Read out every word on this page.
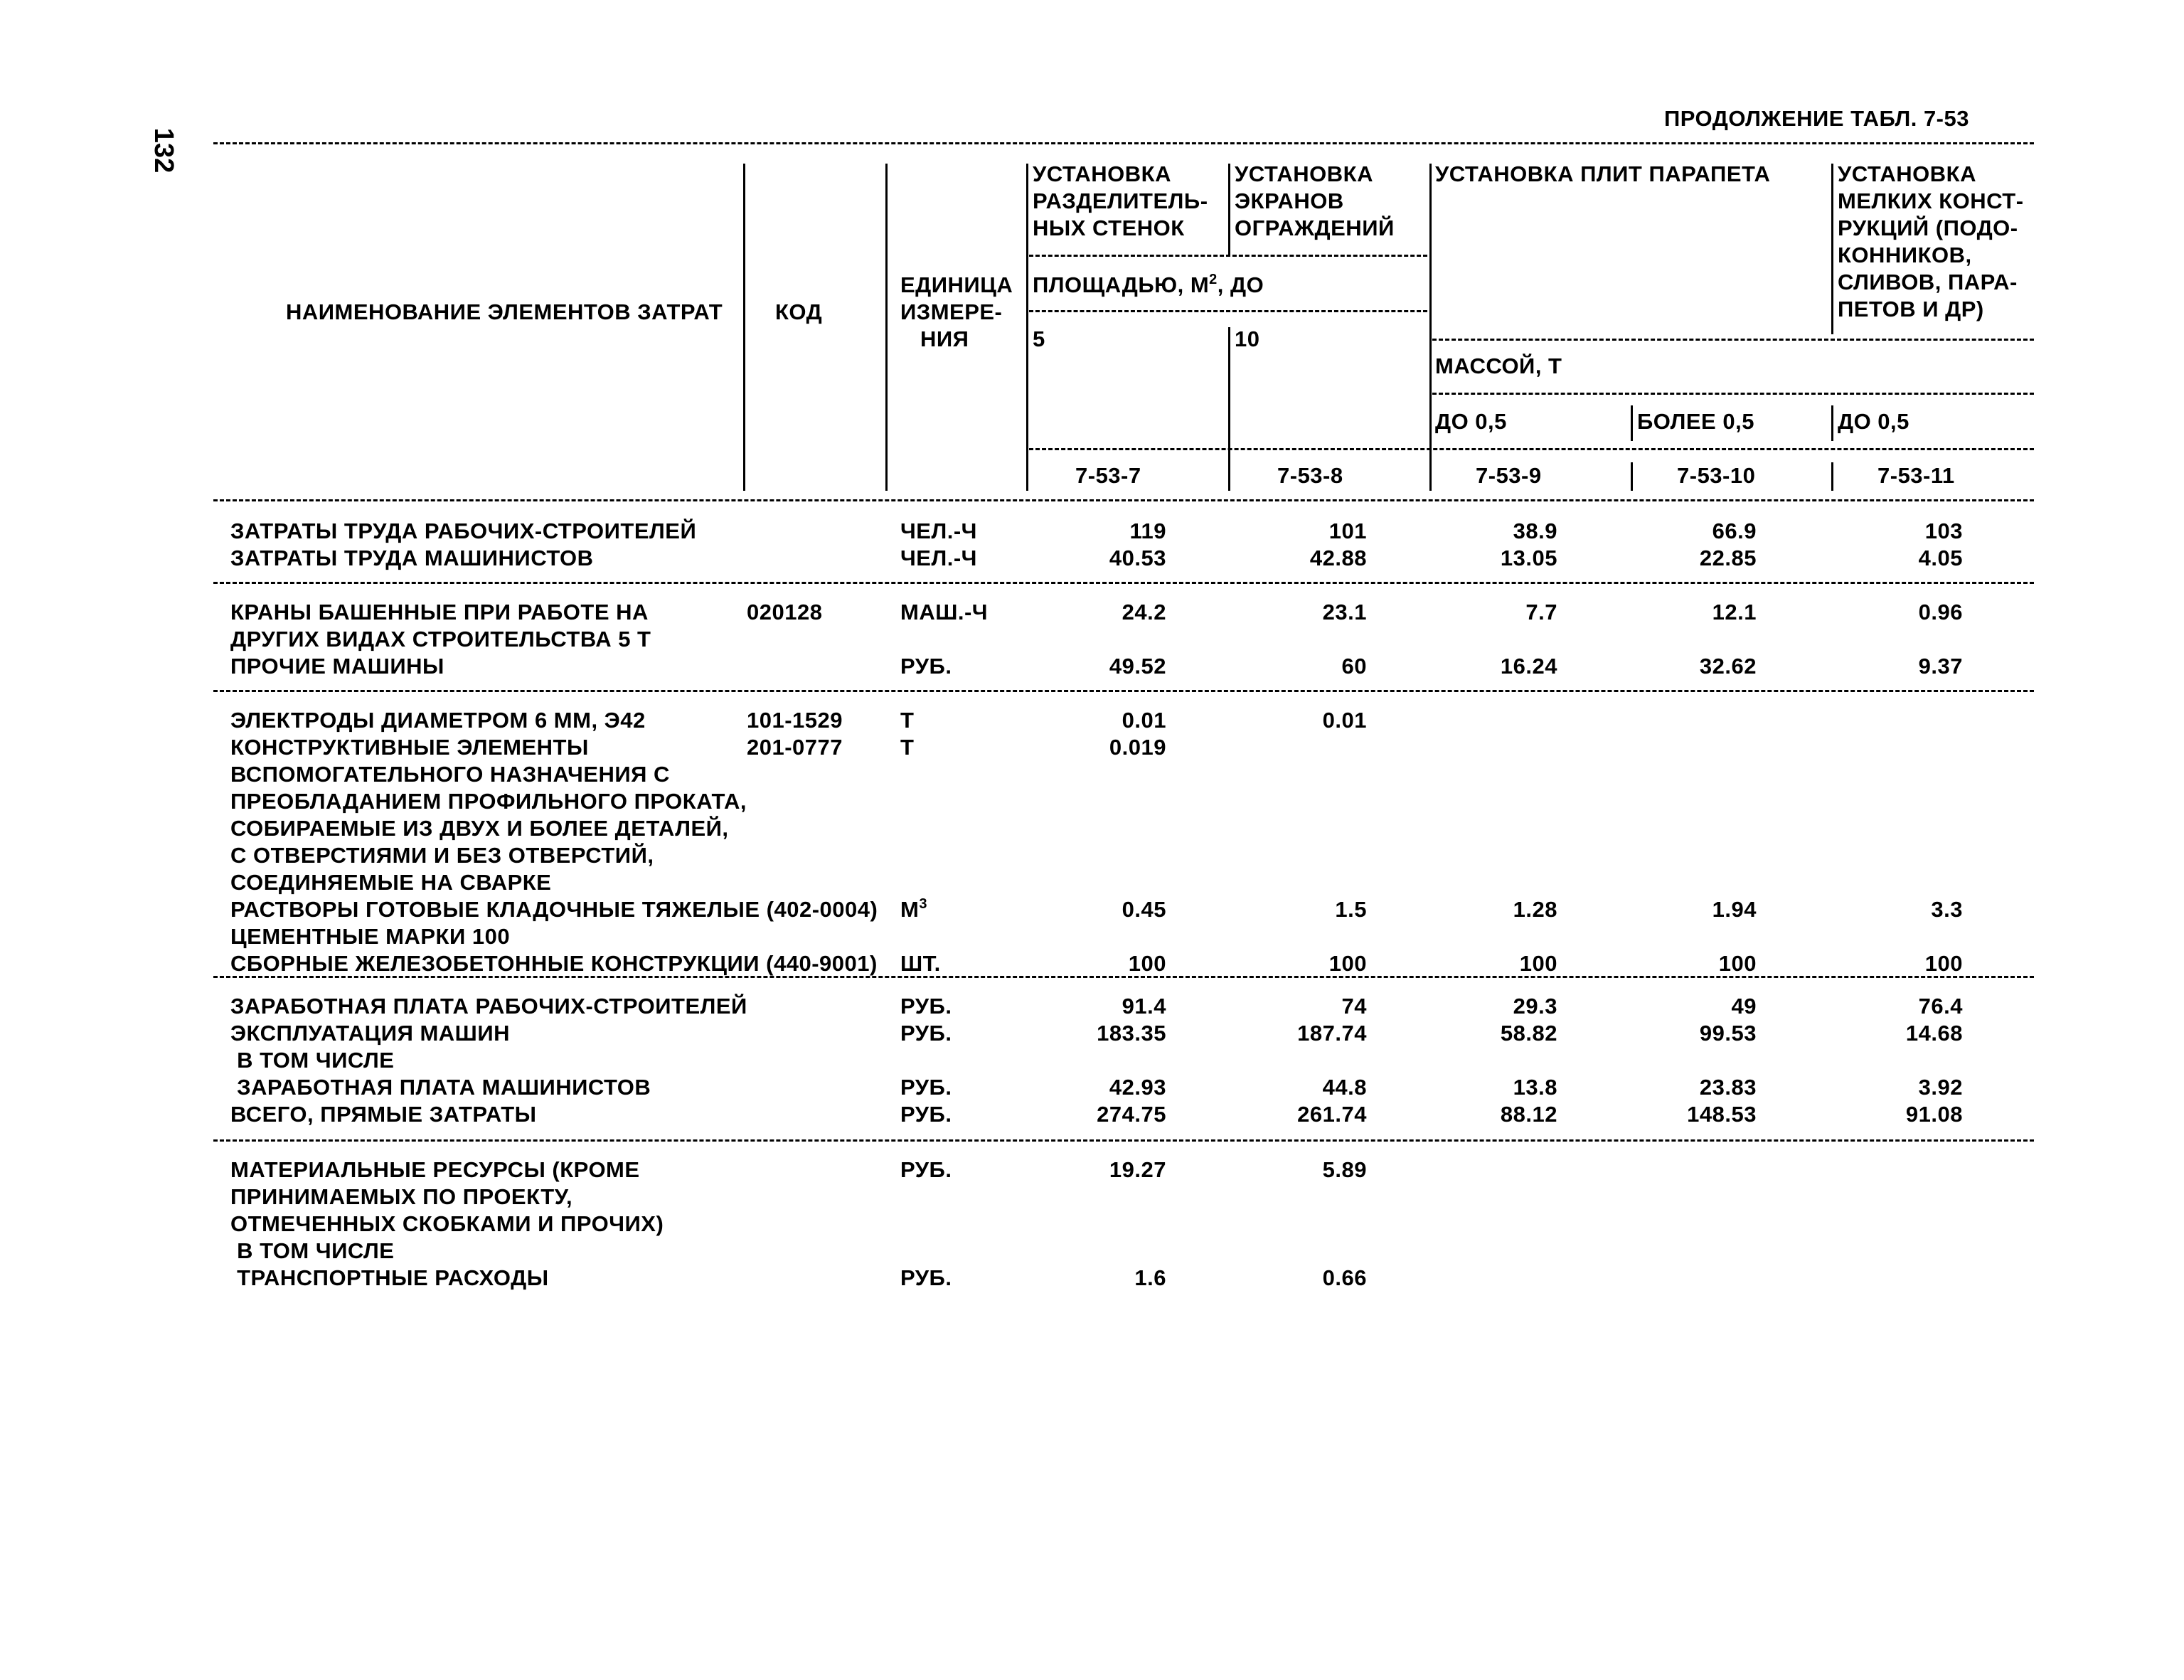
132
ПРОДОЛЖЕНИЕ ТАБЛ. 7-53
НАИМЕНОВАНИЕ ЭЛЕМЕНТОВ ЗАТРАТ КОД
ЕДИНИЦА
ИЗМЕРЕ-
НИЯ
УСТАНОВКА
РАЗДЕЛИТЕЛЬ-
НЫХ СТЕНОК
УСТАНОВКА
ЭКРАНОВ
ОГРАЖДЕНИЙ
ПЛОЩАДЬЮ, $М^2$, ДО
5	10
УСТАНОВКА ПЛИТ ПАРАПЕТА	УСТАНОВКА
МЕЛКИХ КОНСТ-
РУКЦИЙ (ПОДО-
КОННИКОВ,
СЛИВОВ, ПАРА-
ПЕТОВ И ДР)
МАССОЙ, Т
ДО 0,5	БОЛЕЕ 0,5	ДО 0,5
7-53-7	7-53-8	7-53-9	7-53-10	7-53-11
ЗАТРАТЫ ТРУДА РАБОЧИХ-СТРОИТЕЛЕЙ	ЧЕЛ.-Ч	119	101	38.9	66.9	103
ЗАТРАТЫ ТРУДА МАШИНИСТОВ	ЧЕЛ.-Ч	40.53	42.88	13.05	22.85	4.05
КРАНЫ БАШЕННЫЕ ПРИ РАБОТЕ НА	020128	МАШ.-Ч	24.2	23.1	7.7	12.1	0.96
ДРУГИХ ВИДАХ СТРОИТЕЛЬСТВА 5 Т
ПРОЧИЕ МАШИНЫ	РУБ.	49.52	60	16.24	32.62	9.37
ЭЛЕКТРОДЫ ДИАМЕТРОМ 6 ММ, Э42	101-1529	Т	0.01	0.01
КОНСТРУКТИВНЫЕ ЭЛЕМЕНТЫ	201-0777	Т	0.019
ВСПОМОГАТЕЛЬНОГО НАЗНАЧЕНИЯ С
ПРЕОБЛАДАНИЕМ ПРОФИЛЬНОГО ПРОКАТА,
СОБИРАЕМЫЕ ИЗ ДВУХ И БОЛЕЕ ДЕТАЛЕЙ,
С ОТВЕРСТИЯМИ И БЕЗ ОТВЕРСТИЙ,
СОЕДИНЯЕМЫЕ НА СВАРКЕ
РАСТВОРЫ ГОТОВЫЕ КЛАДОЧНЫЕ ТЯЖЕЛЫЕ (402-0004) $М^3$	0.45	1.5	1.28	1.94	3.3
ЦЕМЕНТНЫЕ МАРКИ 100
СБОРНЫЕ ЖЕЛЕЗОБЕТОННЫЕ КОНСТРУКЦИИ (440-9001) ШТ.	100	100	100	100	100
ЗАРАБОТНАЯ ПЛАТА РАБОЧИХ-СТРОИТЕЛЕЙ	РУБ.	91.4	74	29.3	49	76.4
ЭКСПЛУАТАЦИЯ МАШИН	РУБ.	183.35	187.74	58.82	99.53	14.68
В ТОМ ЧИСЛЕ
ЗАРАБОТНАЯ ПЛАТА МАШИНИСТОВ	РУБ.	42.93	44.8	13.8	23.83	3.92
ВСЕГО, ПРЯМЫЕ ЗАТРАТЫ	РУБ.	274.75	261.74	88.12	148.53	91.08
МАТЕРИАЛЬНЫЕ РЕСУРСЫ (КРОМЕ	РУБ.	19.27	5.89
ПРИНИМАЕМЫХ ПО ПРОЕКТУ,
ОТМЕЧЕННЫХ СКОБКАМИ И ПРОЧИХ)
В ТОМ ЧИСЛЕ
ТРАНСПОРТНЫЕ РАСХОДЫ	РУБ.	1.6	0.66
